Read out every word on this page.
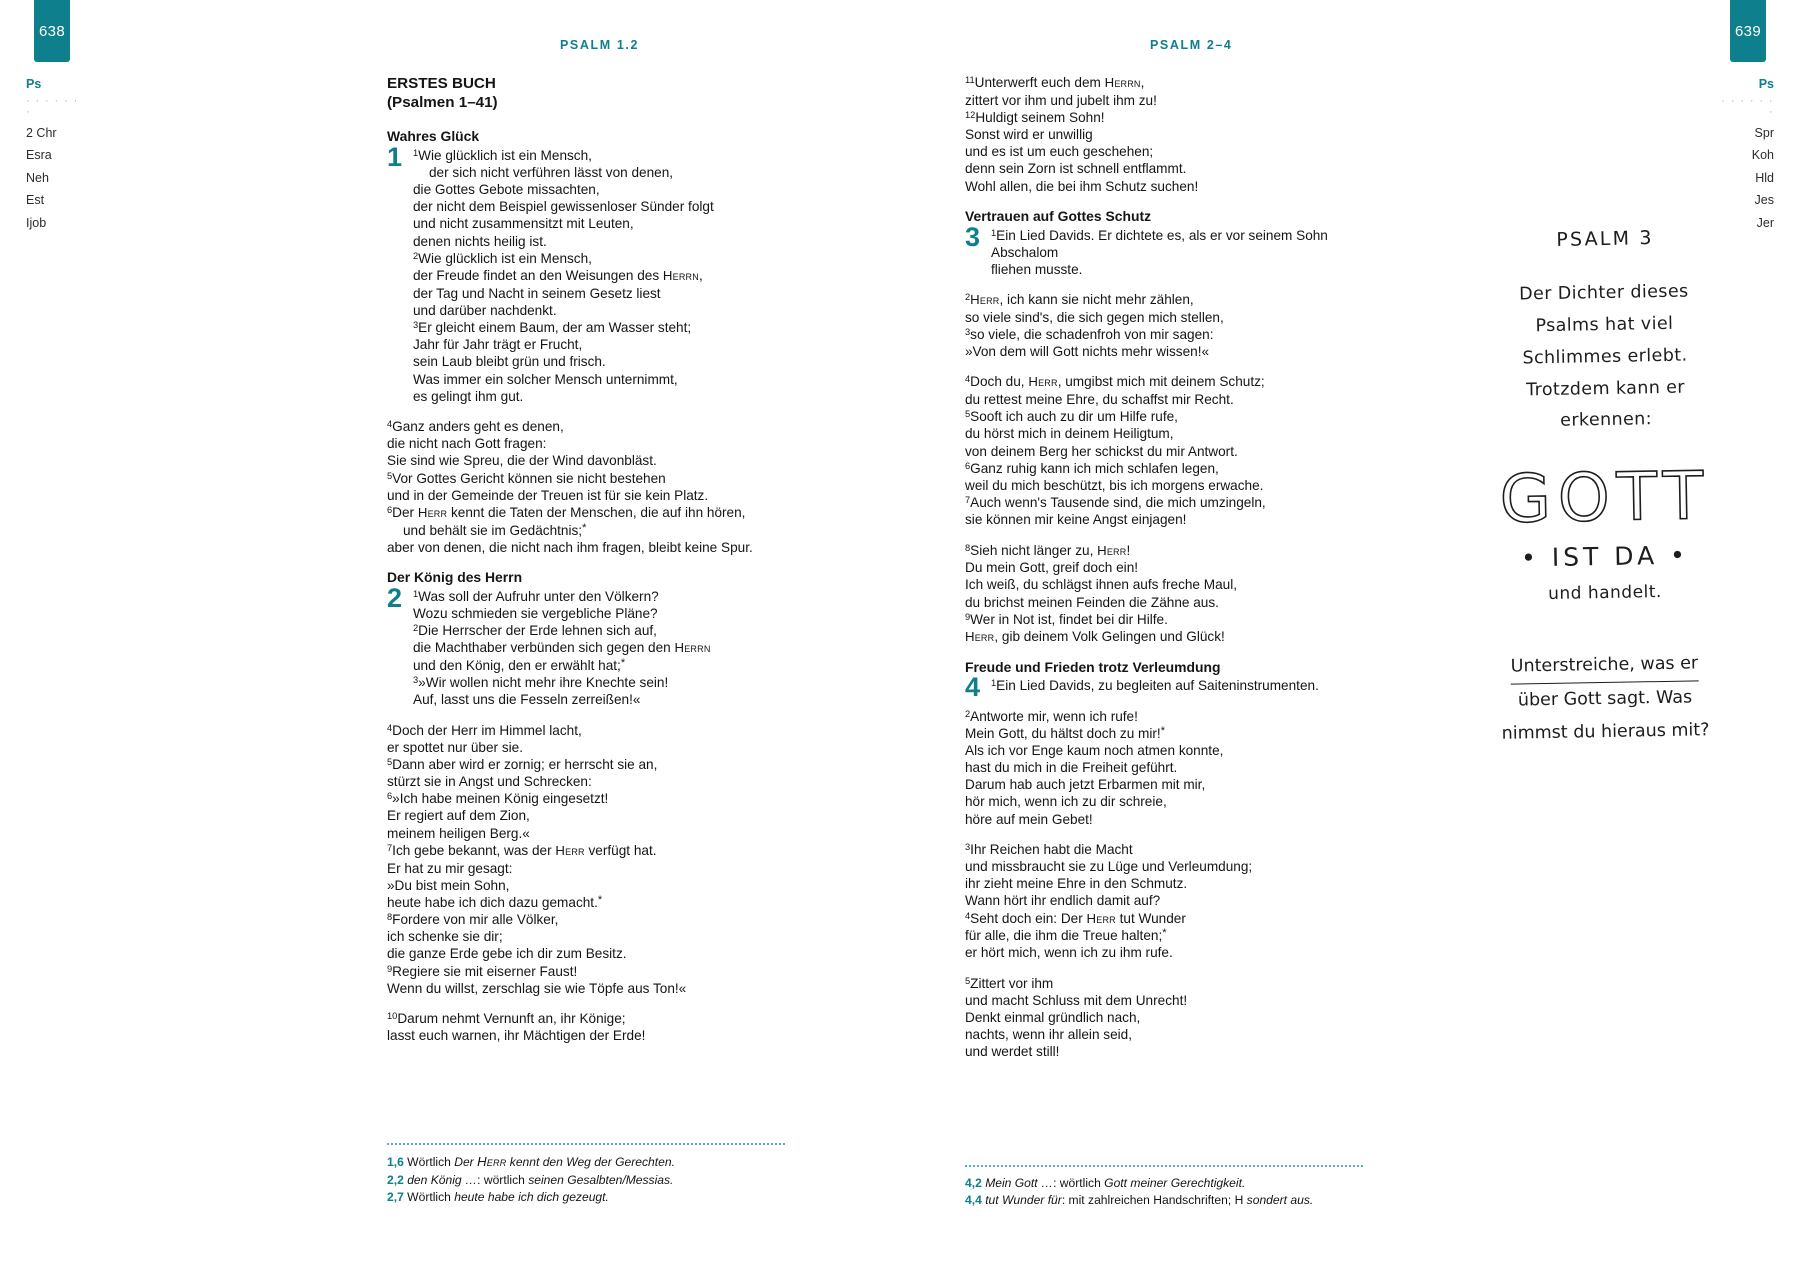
638	639
Ps
· · · · · · ·
2 Chr
Esra
Neh
Est
Ijob
Ps
· · · · · · ·
Spr
Koh
Hld
Jes
Jer
PSALM 1.2	PSALM 2–4
ERSTES BUCH
(Psalmen 1–41)
Wahres Glück
1 $^1$Wie glücklich ist ein Mensch,
der sich nicht verführen lässt von denen,
die Gottes Gebote missachten,
der nicht dem Beispiel gewissenloser Sünder folgt
und nicht zusammensitzt mit Leuten,
denen nichts heilig ist.
$^2$Wie glücklich ist ein Mensch,
der Freude findet an den Weisungen des Herrn,
der Tag und Nacht in seinem Gesetz liest
und darüber nachdenkt.
$^3$Er gleicht einem Baum, der am Wasser steht;
Jahr für Jahr trägt er Frucht,
sein Laub bleibt grün und frisch.
Was immer ein solcher Mensch unternimmt,
es gelingt ihm gut.
$^4$Ganz anders geht es denen,
die nicht nach Gott fragen:
Sie sind wie Spreu, die der Wind davonbläst.
$^5$Vor Gottes Gericht können sie nicht bestehen
und in der Gemeinde der Treuen ist für sie kein Platz.
$^6$Der Herr kennt die Taten der Menschen, die auf ihn hören,
und behält sie im Gedächtnis;*
aber von denen, die nicht nach ihm fragen, bleibt keine Spur.
Der König des Herrn
2 $^1$Was soll der Aufruhr unter den Völkern?
Wozu schmieden sie vergebliche Pläne?
$^2$Die Herrscher der Erde lehnen sich auf,
die Machthaber verbünden sich gegen den Herrn
und den König, den er erwählt hat;*
$^3$»Wir wollen nicht mehr ihre Knechte sein!
Auf, lasst uns die Fesseln zerreißen!«
$^4$Doch der Herr im Himmel lacht,
er spottet nur über sie.
$^5$Dann aber wird er zornig; er herrscht sie an,
stürzt sie in Angst und Schrecken:
$^6$»Ich habe meinen König eingesetzt!
Er regiert auf dem Zion,
meinem heiligen Berg.«
$^7$Ich gebe bekannt, was der Herr verfügt hat.
Er hat zu mir gesagt:
»Du bist mein Sohn,
heute habe ich dich dazu gemacht.*
$^8$Fordere von mir alle Völker,
ich schenke sie dir;
die ganze Erde gebe ich dir zum Besitz.
$^9$Regiere sie mit eiserner Faust!
Wenn du willst, zerschlag sie wie Töpfe aus Ton!«
$^{10}$Darum nehmt Vernunft an, ihr Könige;
lasst euch warnen, ihr Mächtigen der Erde!
$^{11}$Unterwerft euch dem Herrn,
zittert vor ihm und jubelt ihm zu!
$^{12}$Huldigt seinem Sohn!
Sonst wird er unwillig
und es ist um euch geschehen;
denn sein Zorn ist schnell entflammt.
Wohl allen, die bei ihm Schutz suchen!
Vertrauen auf Gottes Schutz
3 $^1$Ein Lied Davids. Er dichtete es, als er vor seinem Sohn Abschalom
fliehen musste.
$^2$Herr, ich kann sie nicht mehr zählen,
so viele sind's, die sich gegen mich stellen,
$^3$so viele, die schadenfroh von mir sagen:
»Von dem will Gott nichts mehr wissen!«
$^4$Doch du, Herr, umgibst mich mit deinem Schutz;
du rettest meine Ehre, du schaffst mir Recht.
$^5$Sooft ich auch zu dir um Hilfe rufe,
du hörst mich in deinem Heiligtum,
von deinem Berg her schickst du mir Antwort.
$^6$Ganz ruhig kann ich mich schlafen legen,
weil du mich beschützt, bis ich morgens erwache.
$^7$Auch wenn's Tausende sind, die mich umzingeln,
sie können mir keine Angst einjagen!
$^8$Sieh nicht länger zu, Herr!
Du mein Gott, greif doch ein!
Ich weiß, du schlägst ihnen aufs freche Maul,
du brichst meinen Feinden die Zähne aus.
$^9$Wer in Not ist, findet bei dir Hilfe.
Herr, gib deinem Volk Gelingen und Glück!
Freude und Frieden trotz Verleumdung
4 $^1$Ein Lied Davids, zu begleiten auf Saiteninstrumenten.
$^2$Antworte mir, wenn ich rufe!
Mein Gott, du hältst doch zu mir!*
Als ich vor Enge kaum noch atmen konnte,
hast du mich in die Freiheit geführt.
Darum hab auch jetzt Erbarmen mit mir,
hör mich, wenn ich zu dir schreie,
höre auf mein Gebet!
$^3$Ihr Reichen habt die Macht
und missbraucht sie zu Lüge und Verleumdung;
ihr zieht meine Ehre in den Schmutz.
Wann hört ihr endlich damit auf?
$^4$Seht doch ein: Der Herr tut Wunder
für alle, die ihm die Treue halten;*
er hört mich, wenn ich zu ihm rufe.
$^5$Zittert vor ihm
und macht Schluss mit dem Unrecht!
Denkt einmal gründlich nach,
nachts, wenn ihr allein seid,
und werdet still!
1,6 Wörtlich Der Herr kennt den Weg der Gerechten.
2,2 den König …: wörtlich seinen Gesalbten/Messias.
2,7 Wörtlich heute habe ich dich gezeugt.
4,2 Mein Gott …: wörtlich Gott meiner Gerechtigkeit.
4,4 tut Wunder für: mit zahlreichen Handschriften; H sondert aus.
PSALM 3
Der Dichter dieses
Psalms hat viel
Schlimmes erlebt.
Trotzdem kann er
erkennen:
GOTT
• IST DA •
und handelt.
Unterstreiche, was er
über Gott sagt. Was
nimmst du hieraus mit?
